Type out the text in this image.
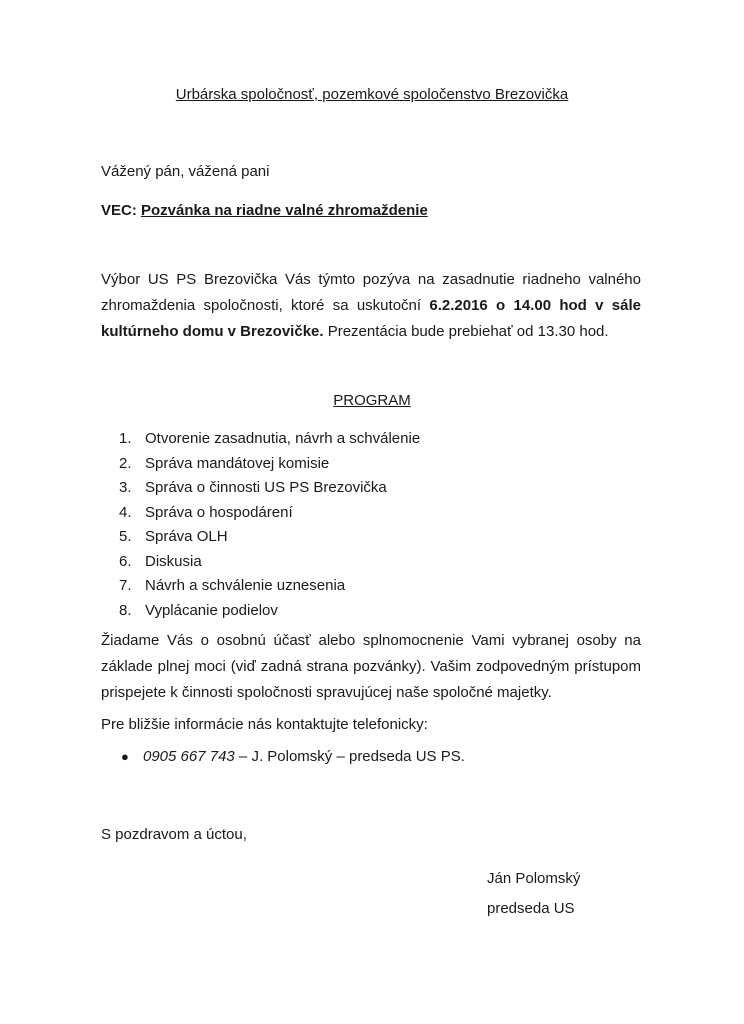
Urbárska spoločnosť, pozemkové spoločenstvo Brezovička
Vážený pán, vážená pani
VEC: Pozvánka na riadne valné zhromaždenie
Výbor US PS Brezovička Vás týmto pozýva na zasadnutie riadneho valného zhromaždenia spoločnosti, ktoré sa uskutoční 6.2.2016 o 14.00 hod v sále kultúrneho domu v Brezovičke. Prezentácia bude prebiehať od 13.30 hod.
PROGRAM
1. Otvorenie zasadnutia, návrh a schválenie
2. Správa mandátovej komisie
3. Správa o činnosti US PS Brezovička
4. Správa o hospodárení
5. Správa OLH
6. Diskusia
7. Návrh a schválenie uznesenia
8. Vyplácanie podielov
Žiadame Vás o osobnú účasť alebo splnomocnenie Vami vybranej osoby na základe plnej moci (viď zadná strana pozvánky). Vašim zodpovedným prístupom prispejete k činnosti spoločnosti spravujúcej naše spoločné majetky.
Pre bližšie informácie nás kontaktujte telefonicky:
● 0905 667 743 – J. Polomský – predseda US PS.
S pozdravom a úctou,
Ján Polomský
predseda US
